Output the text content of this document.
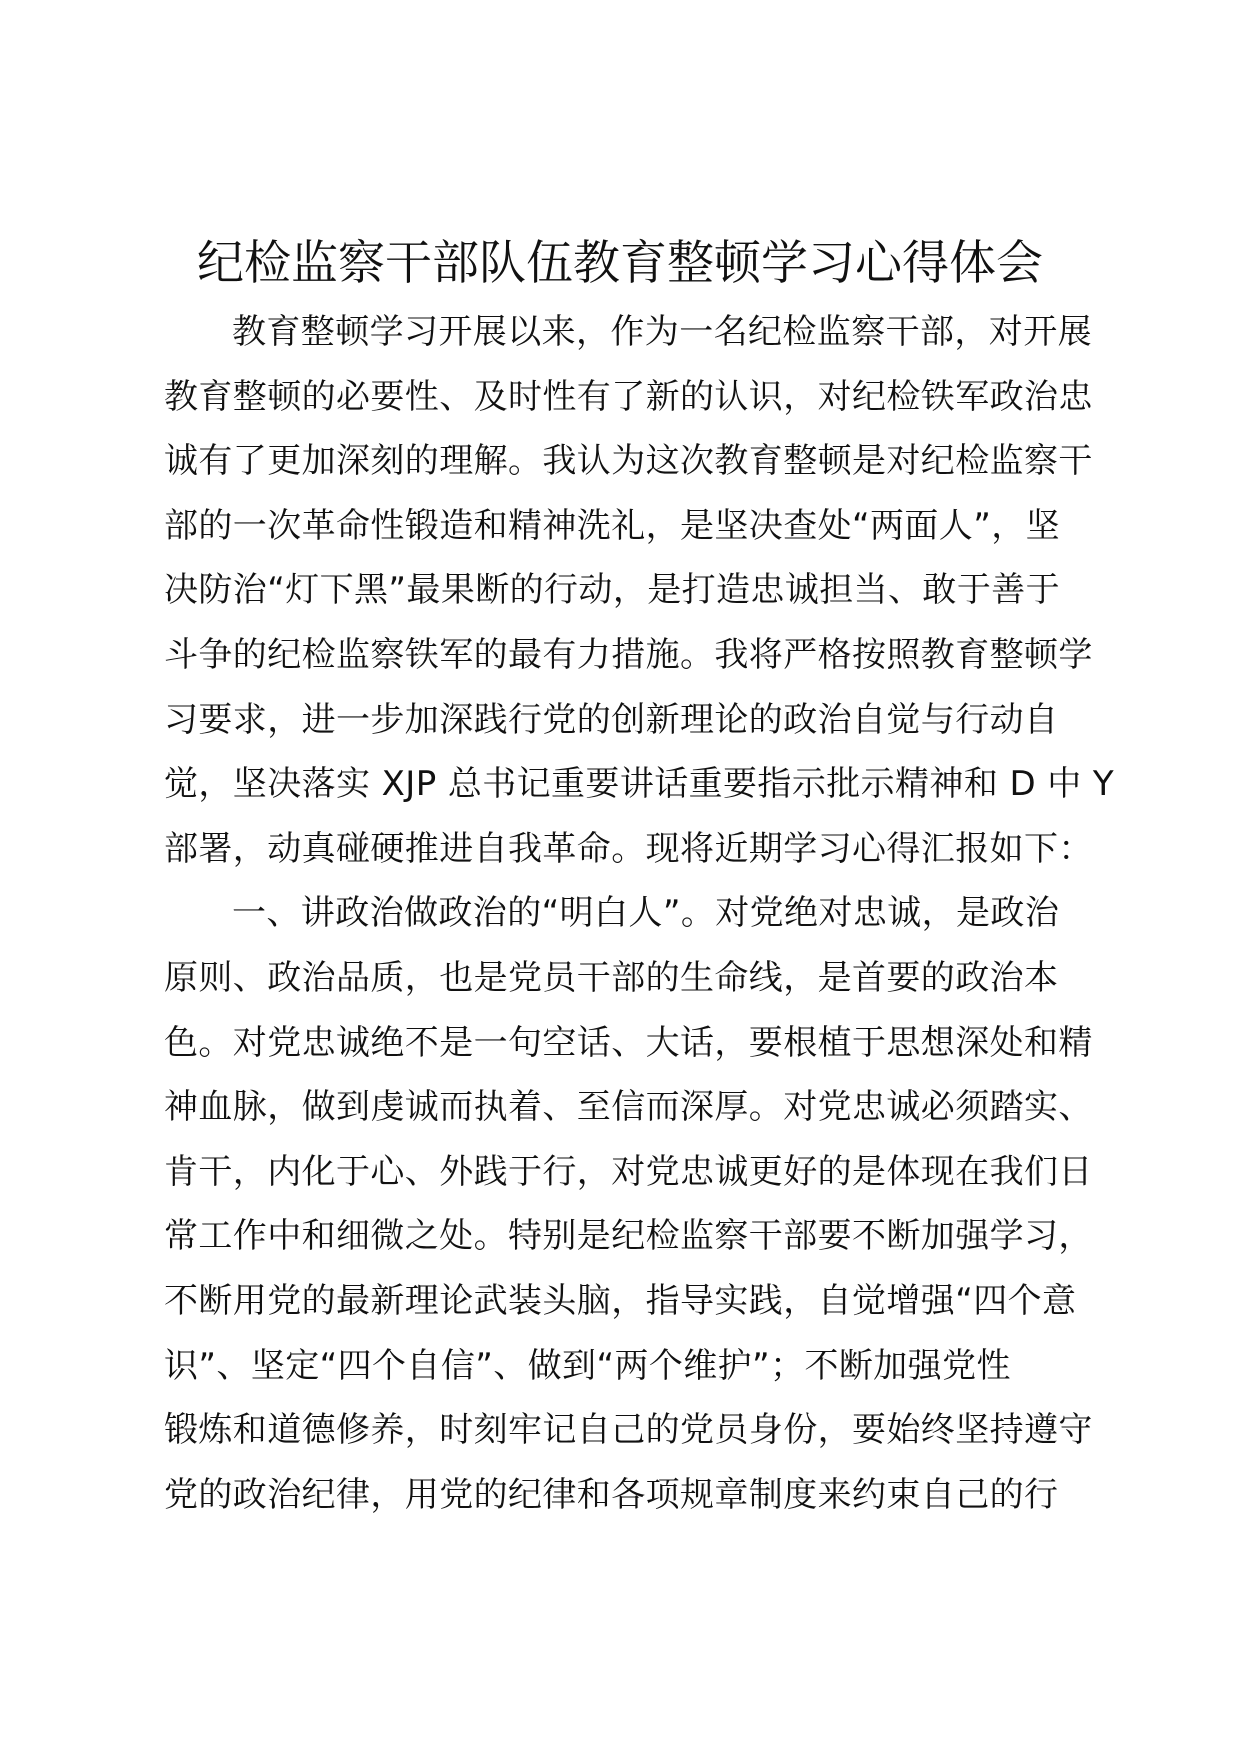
纪检监察干部队伍教育整顿学习心得体会
教育整顿学习开展以来，作为一名纪检监察干部，对开展
教育整顿的必要性、及时性有了新的认识，对纪检铁军政治忠
诚有了更加深刻的理解。我认为这次教育整顿是对纪检监察干
部的一次革命性锻造和精神洗礼，是坚决查处“两面人”，坚
决防治“灯下黑”最果断的行动，是打造忠诚担当、敢于善于
斗争的纪检监察铁军的最有力措施。我将严格按照教育整顿学
习要求，进一步加深践行党的创新理论的政治自觉与行动自
觉，坚决落实 XJP 总书记重要讲话重要指示批示精神和 D 中 Y
部署，动真碰硬推进自我革命。现将近期学习心得汇报如下：
一、讲政治做政治的“明白人”。对党绝对忠诚，是政治
原则、政治品质，也是党员干部的生命线，是首要的政治本
色。对党忠诚绝不是一句空话、大话，要根植于思想深处和精
神血脉，做到虔诚而执着、至信而深厚。对党忠诚必须踏实、
肯干，内化于心、外践于行，对党忠诚更好的是体现在我们日
常工作中和细微之处。特别是纪检监察干部要不断加强学习，
不断用党的最新理论武装头脑，指导实践，自觉增强“四个意
识”、坚定“四个自信”、做到“两个维护”；不断加强党性
锻炼和道德修养，时刻牢记自己的党员身份，要始终坚持遵守
党的政治纪律，用党的纪律和各项规章制度来约束自己的行
